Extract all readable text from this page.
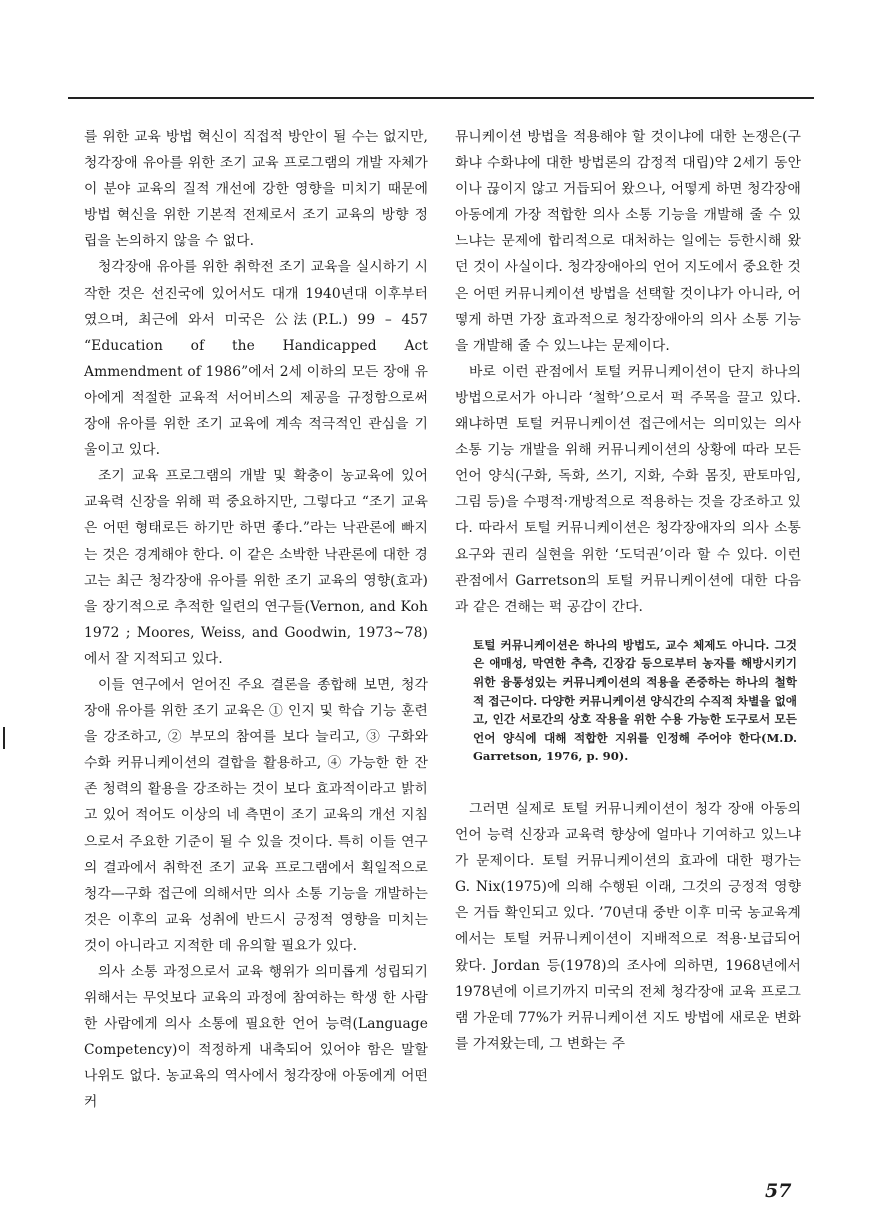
를 위한 교육 방법 혁신이 직접적 방안이 될 수는 없지만, 청각장애 유아를 위한 조기 교육 프로그램의 개발 자체가 이 분야 교육의 질적 개선에 강한 영향을 미치기 때문에 방법 혁신을 위한 기본적 전제로서 조기 교육의 방향 정립을 논의하지 않을 수 없다.

청각장애 유아를 위한 취학전 조기 교육을 실시하기 시작한 것은 선진국에 있어서도 대개 1940년대 이후부터였으며, 최근에 와서 미국은 公法(P.L.) 99 – 457 “Education of the Handicapped Act Ammendment of 1986”에서 2세 이하의 모든 장애 유아에게 적절한 교육적 서어비스의 제공을 규정함으로써 장애 유아를 위한 조기 교육에 계속 적극적인 관심을 기울이고 있다.

조기 교육 프로그램의 개발 및 확충이 농교육에 있어 교육력 신장을 위해 퍽 중요하지만, 그렇다고 “조기 교육은 어떤 형태로든 하기만 하면 좋다.”라는 낙관론에 빠지는 것은 경계해야 한다. 이 같은 소박한 낙관론에 대한 경고는 최근 청각장애 유아를 위한 조기 교육의 영향(효과)을 장기적으로 추적한 일련의 연구들(Vernon, and Koh 1972 ; Moores, Weiss, and Goodwin, 1973~78)에서 잘 지적되고 있다.

이들 연구에서 얻어진 주요 결론을 종합해 보면, 청각장애 유아를 위한 조기 교육은 ① 인지 및 학습 기능 훈련을 강조하고, ② 부모의 참여를 보다 늘리고, ③ 구화와 수화 커뮤니케이션의 결합을 활용하고, ④ 가능한 한 잔존 청력의 활용을 강조하는 것이 보다 효과적이라고 밝히고 있어 적어도 이상의 네 측면이 조기 교육의 개선 지침으로서 주요한 기준이 될 수 있을 것이다. 특히 이들 연구의 결과에서 취학전 조기 교육 프로그램에서 획일적으로 청각—구화 접근에 의해서만 의사 소통 기능을 개발하는 것은 이후의 교육 성취에 반드시 긍정적 영향을 미치는 것이 아니라고 지적한 데 유의할 필요가 있다.

의사 소통 과정으로서 교육 행위가 의미롭게 성립되기 위해서는 무엇보다 교육의 과정에 참여하는 학생 한 사람 한 사람에게 의사 소통에 필요한 언어 능력(Language Competency)이 적정하게 내축되어 있어야 함은 말할 나위도 없다. 농교육의 역사에서 청각장애 아동에게 어떤 커

뮤니케이션 방법을 적용해야 할 것이냐에 대한 논쟁은(구화냐 수화냐에 대한 방법론의 감정적 대립)약 2세기 동안이나 끊이지 않고 거듭되어 왔으나, 어떻게 하면 청각장애 아동에게 가장 적합한 의사 소통 기능을 개발해 줄 수 있느냐는 문제에 합리적으로 대처하는 일에는 등한시해 왔던 것이 사실이다. 청각장애아의 언어 지도에서 중요한 것은 어떤 커뮤니케이션 방법을 선택할 것이냐가 아니라, 어떻게 하면 가장 효과적으로 청각장애아의 의사 소통 기능을 개발해 줄 수 있느냐는 문제이다.

바로 이런 관점에서 토털 커뮤니케이션이 단지 하나의 방법으로서가 아니라 ‘철학’으로서 퍽 주목을 끌고 있다. 왜냐하면 토털 커뮤니케이션 접근에서는 의미있는 의사 소통 기능 개발을 위해 커뮤니케이션의 상황에 따라 모든 언어 양식(구화, 독화, 쓰기, 지화, 수화 몸짓, 판토마임, 그림 등)을 수평적·개방적으로 적용하는 것을 강조하고 있다. 따라서 토털 커뮤니케이션은 청각장애자의 의사 소통 요구와 권리 실현을 위한 ‘도덕권’이라 할 수 있다. 이런 관점에서 Garretson의 토털 커뮤니케이션에 대한 다음과 같은 견해는 퍽 공감이 간다.

토털 커뮤니케이션은 하나의 방법도, 교수 체제도 아니다. 그것은 애매성, 막연한 추측, 긴장감 등으로부터 농자를 해방시키기 위한 융통성있는 커뮤니케이션의 적용을 존중하는 하나의 철학적 접근이다. 다양한 커뮤니케이션 양식간의 수직적 차별을 없애고, 인간 서로간의 상호 작용을 위한 수용 가능한 도구로서 모든 언어 양식에 대해 적합한 지위를 인정해 주어야 한다(M.D. Garretson, 1976, p. 90).

그러면 실제로 토털 커뮤니케이션이 청각 장애 아동의 언어 능력 신장과 교육력 향상에 얼마나 기여하고 있느냐가 문제이다. 토털 커뮤니케이션의 효과에 대한 평가는 G. Nix(1975)에 의해 수행된 이래, 그것의 긍정적 영향은 거듭 확인되고 있다. ’70년대 중반 이후 미국 농교육계에서는 토털 커뮤니케이션이 지배적으로 적용·보급되어 왔다. Jordan 등(1978)의 조사에 의하면, 1968년에서 1978년에 이르기까지 미국의 전체 청각장애 교육 프로그램 가운데 77%가 커뮤니케이션 지도 방법에 새로운 변화를 가져왔는데, 그 변화는 주

57
